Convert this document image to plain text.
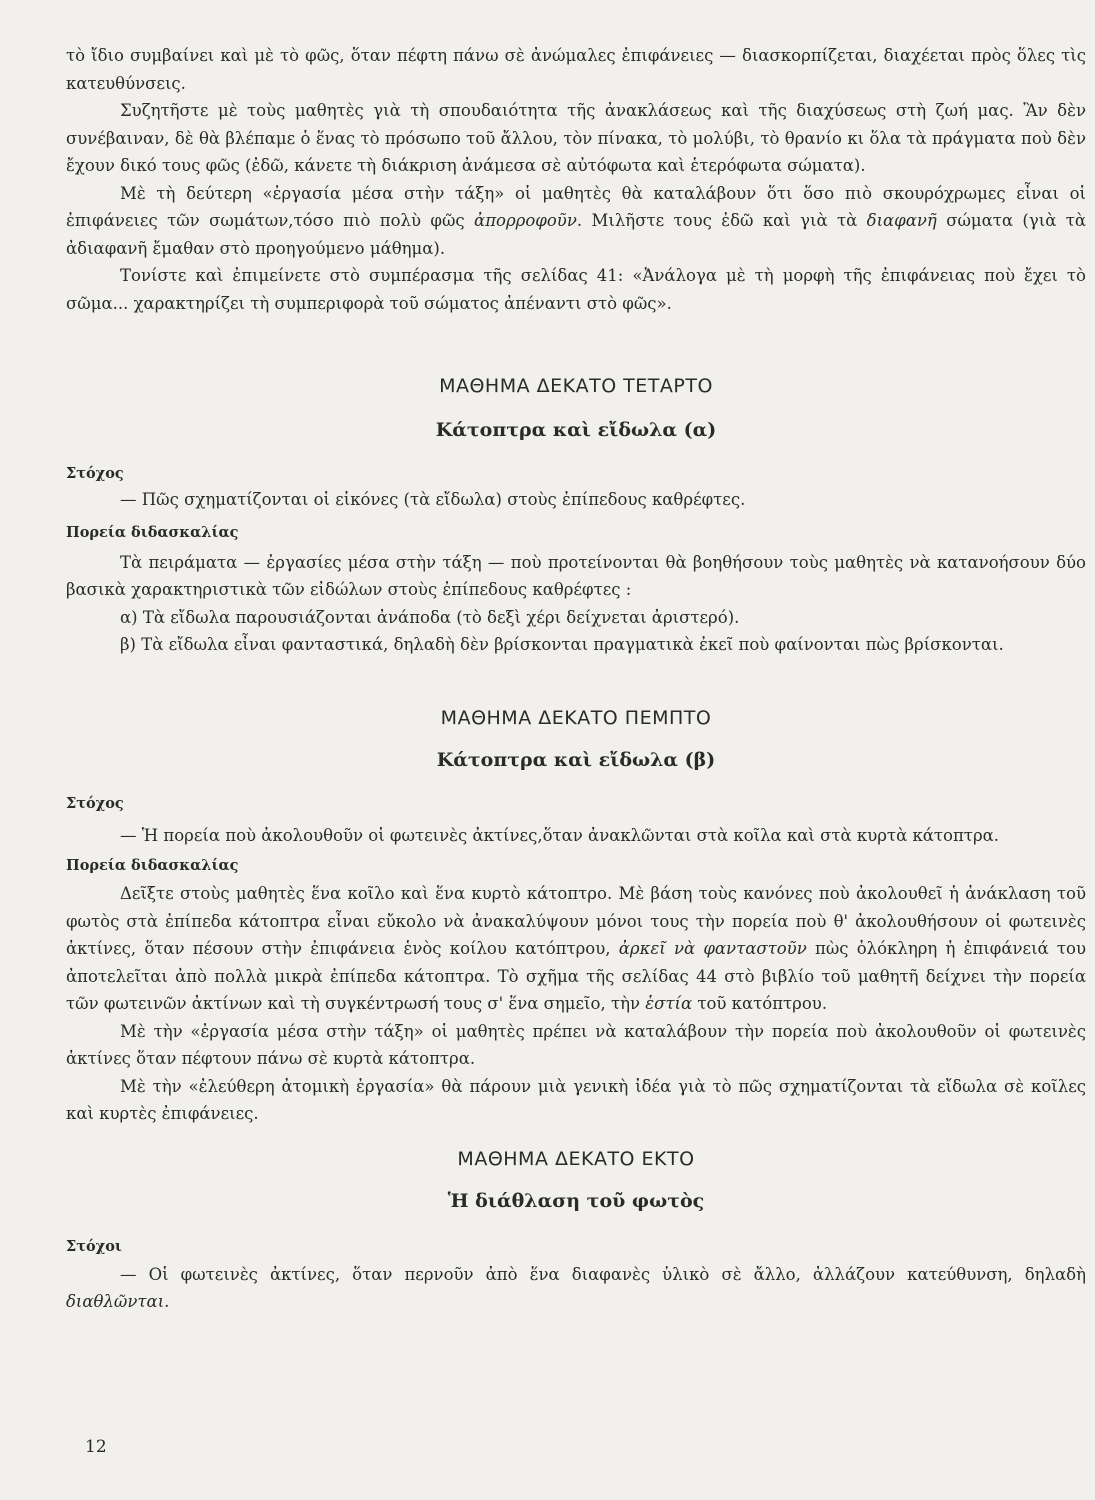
τὸ ἴδιο συμβαίνει καὶ μὲ τὸ φῶς, ὅταν πέφτη πάνω σὲ ἀνώμαλες ἐπιφάνειες — διασκορπίζεται, διαχέεται πρὸς ὅλες τὶς κατευθύνσεις.

Συζητῆστε μὲ τοὺς μαθητὲς γιὰ τὴ σπουδαιότητα τῆς ἀνακλάσεως καὶ τῆς διαχύσεως στὴ ζωή μας. Ἂν δὲν συνέβαιναν, δὲ θὰ βλέπαμε ὁ ἕνας τὸ πρόσωπο τοῦ ἄλλου, τὸν πίνακα, τὸ μολύβι, τὸ θρανίο κι ὅλα τὰ πράγματα ποὺ δὲν ἔχουν δικό τους φῶς (ἐδῶ, κάνετε τὴ διάκριση ἀνάμεσα σὲ αὐτόφωτα καὶ ἑτερόφωτα σώματα).

Μὲ τὴ δεύτερη «ἐργασία μέσα στὴν τάξη» οἱ μαθητὲς θὰ καταλάβουν ὅτι ὅσο πιὸ σκουρόχρωμες εἶναι οἱ ἐπιφάνειες τῶν σωμάτων,τόσο πιὸ πολὺ φῶς ἀπορροφοῦν. Μιλῆστε τους ἐδῶ καὶ γιὰ τὰ διαφανῆ σώματα (γιὰ τὰ ἀδιαφανῆ ἔμαθαν στὸ προηγούμενο μάθημα).

Τονίστε καὶ ἐπιμείνετε στὸ συμπέρασμα τῆς σελίδας 41: «Ἀνάλογα μὲ τὴ μορφὴ τῆς ἐπιφάνειας ποὺ ἔχει τὸ σῶμα... χαρακτηρίζει τὴ συμπεριφορὰ τοῦ σώματος ἀπέναντι στὸ φῶς».

ΜΑΘΗΜΑ ΔΕΚΑΤΟ ΤΕΤΑΡΤΟ
Κάτοπτρα καὶ εἴδωλα (α)
Στόχος

— Πῶς σχηματίζονται οἱ εἰκόνες (τὰ εἴδωλα) στοὺς ἐπίπεδους καθρέφτες.

Πορεία διδασκαλίας

Τὰ πειράματα — ἐργασίες μέσα στὴν τάξη — ποὺ προτείνονται θὰ βοηθήσουν τοὺς μαθητὲς νὰ κατανοήσουν δύο βασικὰ χαρακτηριστικὰ τῶν εἰδώλων στοὺς ἐπίπεδους καθρέφτες :

α) Τὰ εἴδωλα παρουσιάζονται ἀνάποδα (τὸ δεξὶ χέρι δείχνεται ἀριστερό).

β) Τὰ εἴδωλα εἶναι φανταστικά, δηλαδὴ δὲν βρίσκονται πραγματικὰ ἐκεῖ ποὺ φαίνονται πὼς βρίσκονται.

ΜΑΘΗΜΑ ΔΕΚΑΤΟ ΠΕΜΠΤΟ
Κάτοπτρα καὶ εἴδωλα (β)
Στόχος

— Ἡ πορεία ποὺ ἀκολουθοῦν οἱ φωτεινὲς ἀκτίνες,ὅταν ἀνακλῶνται στὰ κοῖλα καὶ στὰ κυρτὰ κάτοπτρα.

Πορεία διδασκαλίας

Δεῖξτε στοὺς μαθητὲς ἕνα κοῖλο καὶ ἕνα κυρτὸ κάτοπτρο. Μὲ βάση τοὺς κανόνες ποὺ ἀκολουθεῖ ἡ ἀνάκλαση τοῦ φωτὸς στὰ ἐπίπεδα κάτοπτρα εἶναι εὔκολο νὰ ἀνακαλύψουν μόνοι τους τὴν πορεία ποὺ θ' ἀκολουθήσουν οἱ φωτεινὲς ἀκτίνες, ὅταν πέσουν στὴν ἐπιφάνεια ἑνὸς κοίλου κατόπτρου, ἀρκεῖ νὰ φανταστοῦν πὼς ὁλόκληρη ἡ ἐπιφάνειά του ἀποτελεῖται ἀπὸ πολλὰ μικρὰ ἐπίπεδα κάτοπτρα. Τὸ σχῆμα τῆς σελίδας 44 στὸ βιβλίο τοῦ μαθητῆ δείχνει τὴν πορεία τῶν φωτεινῶν ἀκτίνων καὶ τὴ συγκέντρωσή τους σ' ἕνα σημεῖο, τὴν ἑστία τοῦ κατόπτρου.

Μὲ τὴν «ἐργασία μέσα στὴν τάξη» οἱ μαθητὲς πρέπει νὰ καταλάβουν τὴν πορεία ποὺ ἀκολουθοῦν οἱ φωτεινὲς ἀκτίνες ὅταν πέφτουν πάνω σὲ κυρτὰ κάτοπτρα.

Μὲ τὴν «ἐλεύθερη ἀτομικὴ ἐργασία» θὰ πάρουν μιὰ γενικὴ ἰδέα γιὰ τὸ πῶς σχηματίζονται τὰ εἴδωλα σὲ κοῖλες καὶ κυρτὲς ἐπιφάνειες.

ΜΑΘΗΜΑ ΔΕΚΑΤΟ ΕΚΤΟ
Ἡ διάθλαση τοῦ φωτὸς
Στόχοι

— Οἱ φωτεινὲς ἀκτίνες, ὅταν περνοῦν ἀπὸ ἕνα διαφανὲς ὑλικὸ σὲ ἄλλο, ἀλλάζουν κατεύθυνση, δηλαδὴ διαθλῶνται.

12
